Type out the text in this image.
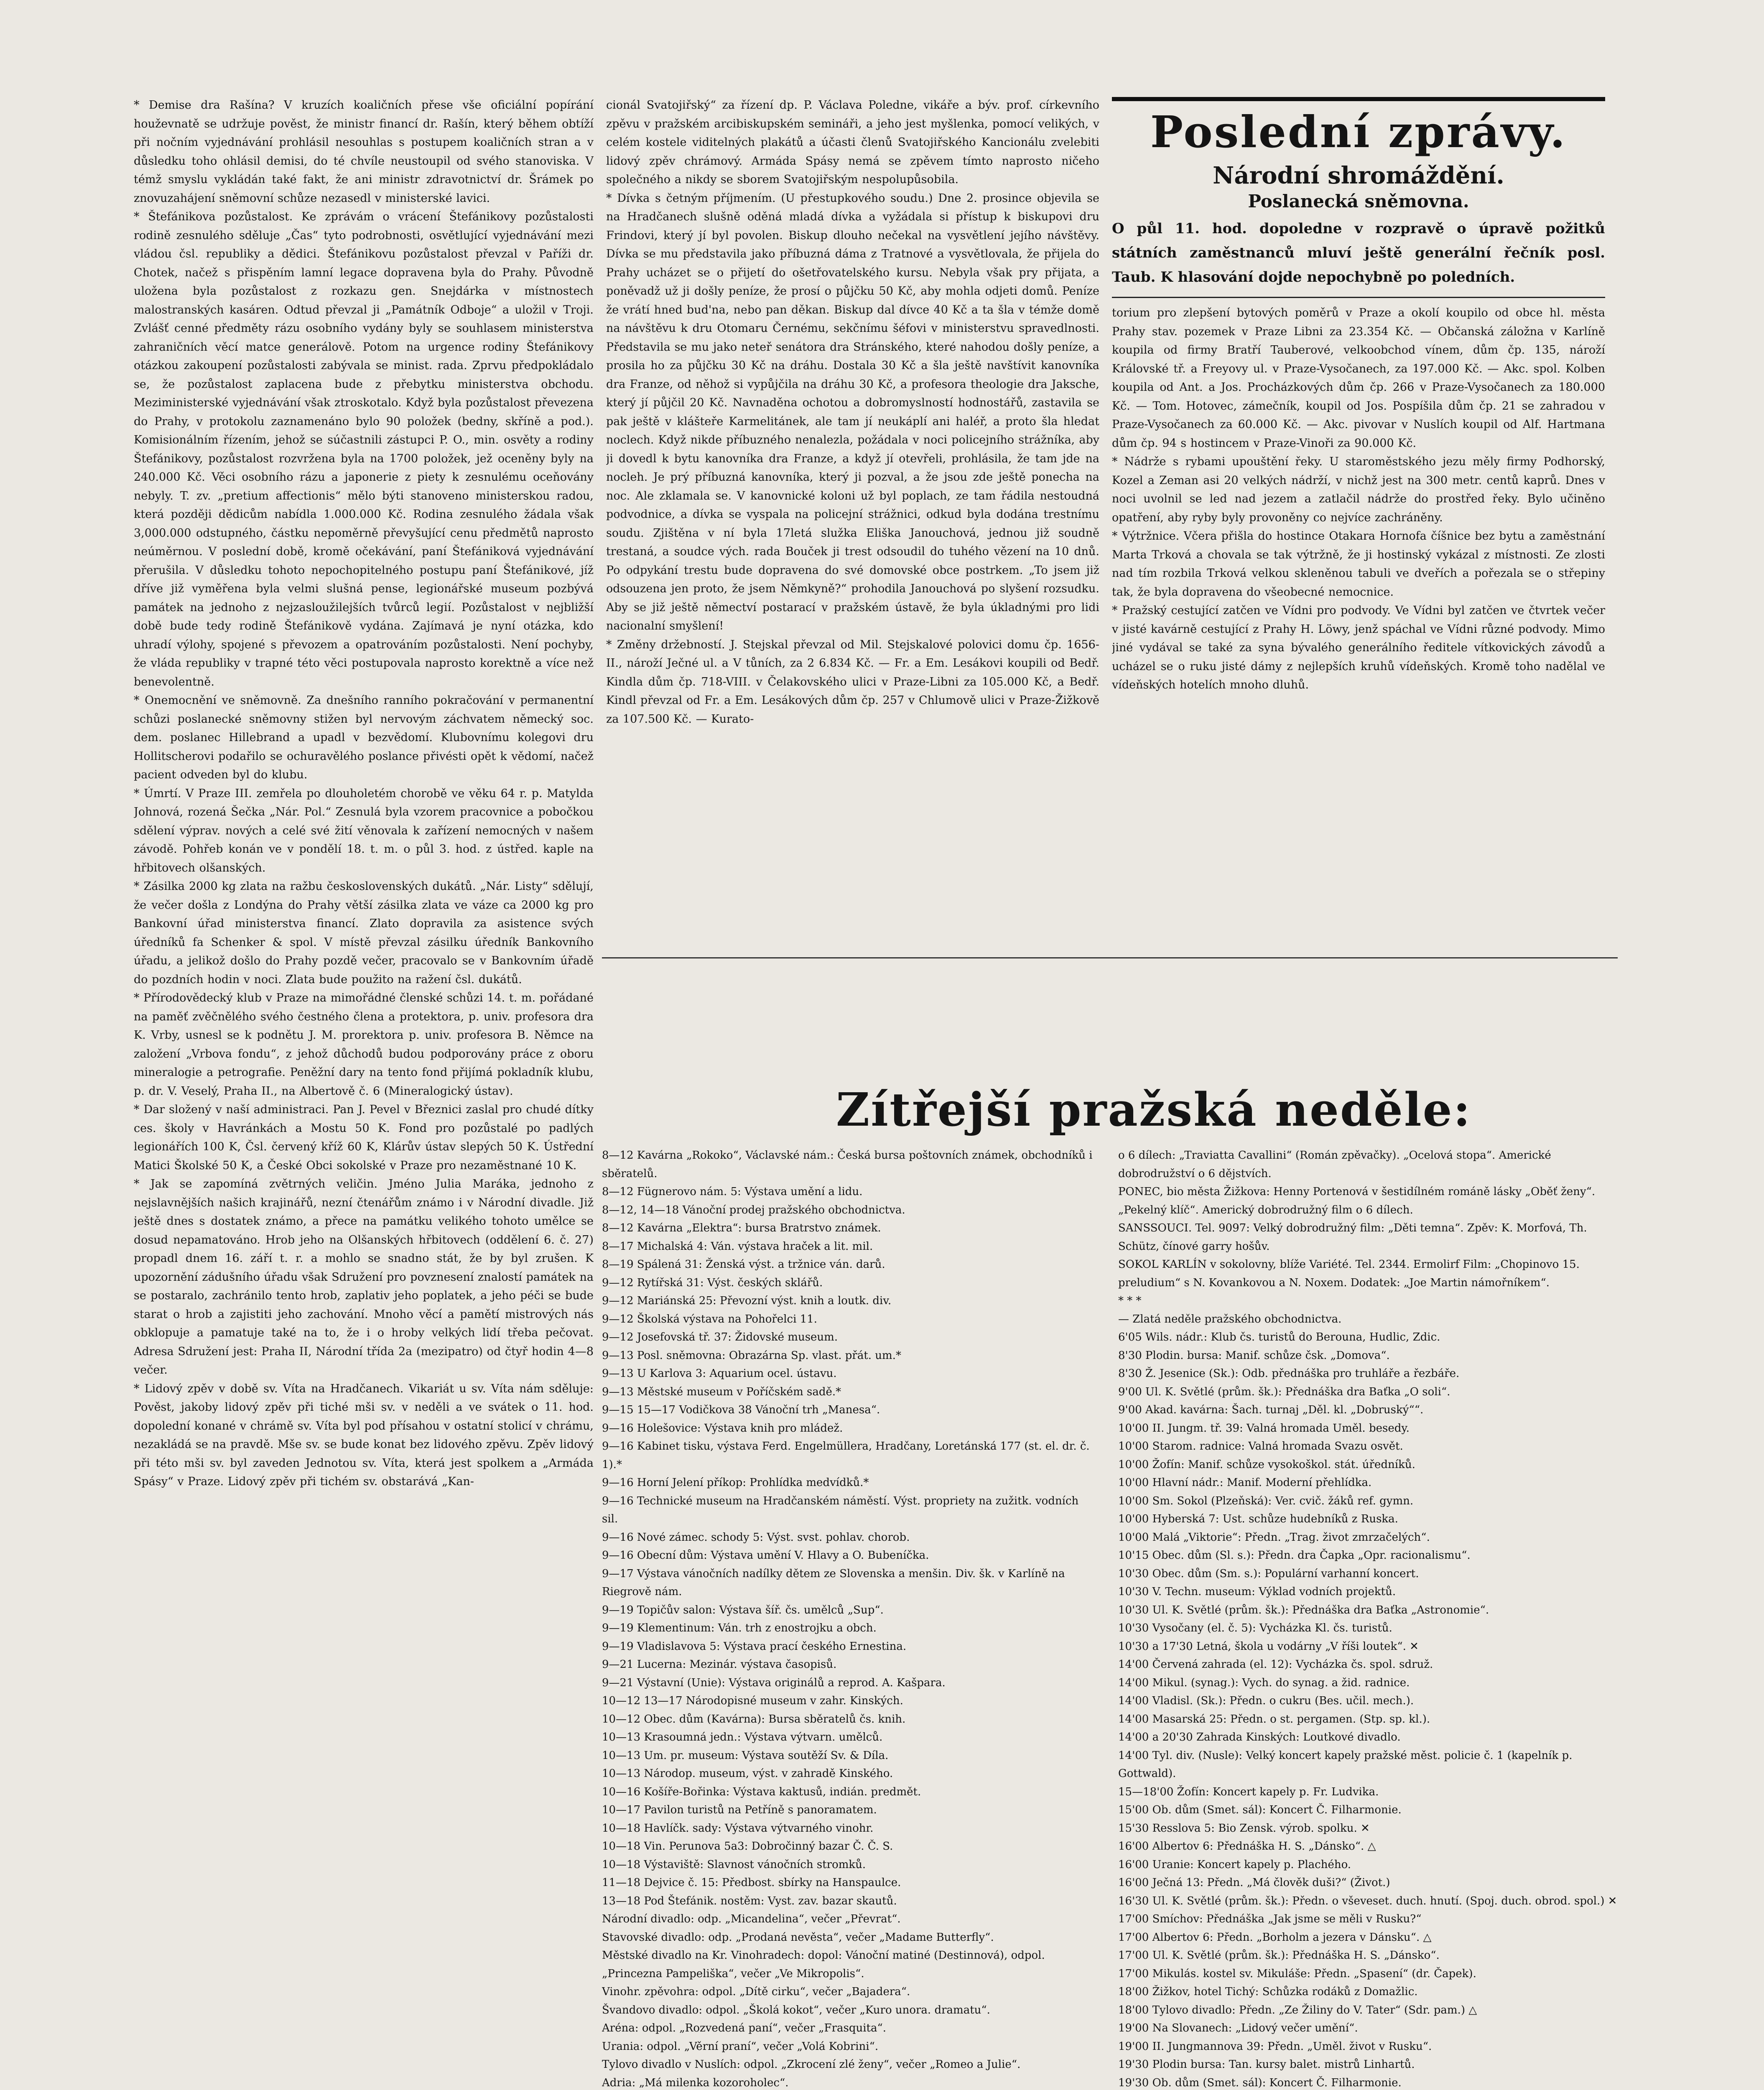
* Demise dra Rašína? V kruzích koaličních přese vše oficiální popírání houževnatě se udržuje pověst, že ministr financí dr. Rašín, který během obtíží při nočním vyjednávání prohlásil nesouhlas s postupem koaličních stran a v důsledku toho ohlásil demisi, do té chvíle neustoupil od svého stanoviska. V témž smyslu vykládán také fakt, že ani ministr zdravotnictví dr. Šrámek po znovuzahájení sněmovní schůze nezasedl v ministerské lavici.

* Štefánikova pozůstalost. Ke zprávám o vrácení Štefánikovy pozůstalosti rodině zesnulého sděluje „Čas“ tyto podrobnosti, osvětlující vyjednávání mezi vládou čsl. republiky a dědici. Štefánikovu pozůstalost převzal v Paříži dr. Chotek, načež s přispěním lamní legace dopravena byla do Prahy. Původně uložena byla pozůstalost z rozkazu gen. Snejdárka v místnostech malostranských kasáren. Odtud převzal ji „Památník Odboje“ a uložil v Troji. Zvlášť cenné předměty rázu osobního vydány byly se souhlasem ministerstva zahraničních věcí matce generálově. Potom na urgence rodiny Štefánikovy otázkou zakoupení pozůstalosti zabývala se minist. rada. Zprvu předpokládalo se, že pozůstalost zaplacena bude z přebytku ministerstva obchodu. Meziministerské vyjednávání však ztroskotalo. Když byla pozůstalost převezena do Prahy, v protokolu zaznamenáno bylo 90 položek (bedny, skříně a pod.). Komisionálním řízením, jehož se súčastnili zástupci P. O., min. osvěty a rodiny Štefánikovy, pozůstalost rozvržena byla na 1700 položek, jež oceněny byly na 240.000 Kč. Věci osobního rázu a japonerie z piety k zesnulému oceňovány nebyly. T. zv. „pretium affectionis“ mělo býti stanoveno ministerskou radou, která později dědicům nabídla 1.000.000 Kč. Rodina zesnulého žádala však 3,000.000 odstupného, částku nepoměrně převyšující cenu předmětů naprosto neúměrnou. V poslední době, kromě očekávání, paní Štefániková vyjednávání přerušila. V důsledku tohoto nepochopitelného postupu paní Štefánikové, jíž dříve již vyměřena byla velmi slušná pense, legionářské museum pozbývá památek na jednoho z nejzasloužilejších tvůrců legií. Pozůstalost v nejbližší době bude tedy rodině Štefánikově vydána. Zajímavá je nyní otázka, kdo uhradí výlohy, spojené s převozem a opatrováním pozůstalosti. Není pochyby, že vláda republiky v trapné této věci postupovala naprosto korektně a více než benevolentně.

* Onemocnění ve sněmovně. Za dnešního ranního pokračování v permanentní schůzi poslanecké sněmovny stižen byl nervovým záchvatem německý soc. dem. poslanec Hillebrand a upadl v bezvědomí. Klubovnímu kolegovi dru Hollitscherovi podařilo se ochuravělého poslance přivésti opět k vědomí, načež pacient odveden byl do klubu.

* Úmrtí. V Praze III. zemřela po dlouholetém chorobě ve věku 64 r. p. Matylda Johnová, rozená Šečka „Nár. Pol.“ Zesnulá byla vzorem pracovnice a pobočkou sdělení výprav. nových a celé své žití věnovala k zařízení nemocných v našem závodě. Pohřeb konán ve v pondělí 18. t. m. o půl 3. hod. z ústřed. kaple na hřbitovech olšanských.

* Zásilka 2000 kg zlata na ražbu československých dukátů. „Nár. Listy“ sdělují, že večer došla z Londýna do Prahy větší zásilka zlata ve váze ca 2000 kg pro Bankovní úřad ministerstva financí. Zlato dopravila za asistence svých úředníků fa Schenker & spol. V místě převzal zásilku úředník Bankovního úřadu, a jelikož došlo do Prahy pozdě večer, pracovalo se v Bankovním úřadě do pozdních hodin v noci. Zlata bude použito na ražení čsl. dukátů.

* Přírodovědecký klub v Praze na mimořádné členské schůzi 14. t. m. pořádané na paměť zvěčnělého svého čestného člena a protektora, p. univ. profesora dra K. Vrby, usnesl se k podnětu J. M. prorektora p. univ. profesora B. Němce na založení „Vrbova fondu“, z jehož důchodů budou podporovány práce z oboru mineralogie a petrografie. Peněžní dary na tento fond přijímá pokladník klubu, p. dr. V. Veselý, Praha II., na Albertově č. 6 (Mineralogický ústav).

* Dar složený v naší administraci. Pan J. Pevel v Březnici zaslal pro chudé dítky ces. školy v Havránkách a Mostu 50 K. Fond pro pozůstalé po padlých legionářích 100 K, Čsl. červený kříž 60 K, Klárův ústav slepých 50 K. Ústřední Matici Školské 50 K, a České Obci sokolské v Praze pro nezaměstnané 10 K.

* Jak se zapomíná zvětrných veličin. Jméno Julia Marákа, jednoho z nejslavnějších našich krajinářů, nezní čtenářům známo i v Národní divadle. Již ještě dnes s dostatek známo, a přece na památku velikého tohoto umělce se dosud nepamatováno. Hrob jeho na Olšanských hřbitovech (oddělení 6. č. 27) propadl dnem 16. září t. r. a mohlo se snadno stát, že by byl zrušen. K upozornění zádušního úřadu však Sdružení pro povznesení znalostí památek na se postaralo, zachránilo tento hrob, zaplativ jeho poplatek, a jeho péči se bude starat o hrob a zajistiti jeho zachování. Mnoho věcí a pamětí mistrových nás obklopuje a pamatuje také na to, že i o hroby velkých lidí třeba pečovat. Adresa Sdružení jest: Praha II, Národní třída 2a (mezipatro) od čtyř hodin 4—8 večer.

* Lidový zpěv v době sv. Víta na Hradčanech. Vikariát u sv. Víta nám sděluje: Pověst, jakoby lidový zpěv při tiché mši sv. v neděli a ve svátek o 11. hod. dopolední konané v chrámě sv. Víta byl pod přísahou v ostatní stolicí v chrámu, nezakládá se na pravdě. Mše sv. se bude konat bez lidového zpěvu. Zpěv lidový při této mši sv. byl zaveden Jednotou sv. Víta, která jest spolkem a „Armáda Spásy“ v Praze. Lidový zpěv při tichém sv. obstarává „Kan-

cionál Svatojiřský“ za řízení dp. P. Václava Poledne, vikáře a býv. prof. církevního zpěvu v pražském arcibiskupském semináři, a jeho jest myšlenka, pomocí velikých, v celém kostele viditelných plakátů a účasti členů Svatojiřského Kancionálu zvelebiti lidový zpěv chrámový. Armáda Spásy nemá se zpěvem tímto naprosto ničeho společného a nikdy se sborem Svatojiřským nespolupůsobila.

* Dívka s četným příjmením. (U přestupkového soudu.) Dne 2. prosince objevila se na Hradčanech slušně oděná mladá dívka a vyžádala si přístup k biskupovi dru Frindovi, který jí byl povolen. Biskup dlouho nečekal na vysvětlení jejího návštěvy. Dívka se mu představila jako příbuzná dáma z Tratnové a vysvětlovala, že přijela do Prahy ucházet se o přijetí do ošetřovatelského kursu. Nebyla však pry přijata, a poněvadž už ji došly peníze, že prosí o půjčku 50 Kč, aby mohla odjeti domů. Peníze že vrátí hned bud'na, nebo pan děkan. Biskup dal dívce 40 Kč a ta šla v témže domě na návštěvu k dru Otomaru Černému, sekčnímu šéfovi v ministerstvu spravedlnosti. Představila se mu jako neteř senátora dra Stránského, které nahodou došly peníze, a prosila ho za půjčku 30 Kč na dráhu. Dostala 30 Kč a šla ještě navštívit kanovníka dra Franze, od něhož si vypůjčila na dráhu 30 Kč, a profesora theologie dra Jaksche, který jí půjčil 20 Kč. Navnaděna ochotou a dobromyslností hodnostářů, zastavila se pak ještě v klášteře Karmelitánek, ale tam jí neukáplí ani haléř, a proto šla hledat noclech. Když nikde příbuzného nenalezla, požádala v noci policejního strážníka, aby ji dovedl k bytu kanovníka dra Franze, a když jí otevřeli, prohlásila, že tam jde na nocleh. Je prý příbuzná kanovníka, který ji pozval, a že jsou zde ještě ponecha na noc. Ale zklamala se. V kanovnické koloni už byl poplach, ze tam řádila nestoudná podvodnice, a dívka se vyspala na policejní strážnici, odkud byla dodána trestnímu soudu. Zjištěna v ní byla 17letá služka Eliška Janouchová, jednou již soudně trestaná, a soudce vých. rada Bouček ji trest odsoudil do tuhého vězení na 10 dnů. Po odpykání trestu bude dopravena do své domovské obce postrkem. „To jsem již odsouzena jen proto, že jsem Němkyně?“ prohodila Janouchová po slyšení rozsudku. Aby se již ještě němectví postarací v pražském ústavě, že byla úkladnými pro lidi nacionalní smyšlení!

* Změny držebností. J. Stejskal převzal od Mil. Stejskalové polovici domu čp. 1656-II., nároží Ječné ul. a V tůních, za 2 6.834 Kč. — Fr. a Em. Lesákovi koupili od Bedř. Kindla dům čp. 718-VIII. v Čelakovského ulici v Praze-Libni za 105.000 Kč, a Bedř. Kindl převzal od Fr. a Em. Lesákových dům čp. 257 v Chlumově ulici v Praze-Žižkově za 107.500 Kč. — Kurato-

Poslední zprávy.
Národní shromáždění.
Poslanecká sněmovna.

O půl 11. hod. dopoledne v rozpravě o úpravě požitků státních zaměstnanců mluví ještě generální řečník posl. Taub. K hlasování dojde nepochybně po poledních.

torium pro zlepšení bytových poměrů v Praze a okolí koupilo od obce hl. města Prahy stav. pozemek v Praze Libni za 23.354 Kč. — Občanská záložna v Karlíně koupila od firmy Bratří Tauberové, velkoobchod vínem, dům čp. 135, nároží Královské tř. a Freyovy ul. v Praze-Vysočanech, za 197.000 Kč. — Akc. spol. Kolben koupila od Ant. a Jos. Procházkových dům čp. 266 v Praze-Vysočanech za 180.000 Kč. — Tom. Hotovec, zámečník, koupil od Jos. Pospíšila dům čp. 21 se zahradou v Praze-Vysočanech za 60.000 Kč. — Akc. pivovar v Nuslích koupil od Alf. Hartmana dům čp. 94 s hostincem v Praze-Vinoři za 90.000 Kč.

* Nádrže s rybami upouštění řeky. U staroměstského jezu měly firmy Podhorský, Kozel a Zeman asi 20 velkých nádrží, v nichž jest na 300 metr. centů kaprů. Dnes v noci uvolnil se led nad jezem a zatlačil nádrže do prostřed řeky. Bylo učiněno opatření, aby ryby byly provoněny co nejvíce zachráněny.

* Výtržnice. Včera přišla do hostince Otakara Hornofa číšnice bez bytu a zaměstnání Marta Trková a chovala se tak výtržně, že ji hostinský vykázal z místnosti. Ze zlosti nad tím rozbila Trková velkou skleněnou tabuli ve dveřích a pořezala se o střepiny tak, že byla dopravena do všeobecné nemocnice.

* Pražský cestující zatčen ve Vídni pro podvody. Ve Vídni byl zatčen ve čtvrtek večer v jisté kavárně cestující z Prahy H. Löwy, jenž spáchal ve Vídni různé podvody. Mimo jiné vydával se také za syna bývalého generálního ředitele vítkovických závodů a ucházel se o ruku jisté dámy z nejlepších kruhů vídeňských. Kromě toho nadělal ve vídeňských hotelích mnoho dluhů.

Zítřejší pražská neděle:

8—12 Kavárna „Rokoko“, Václavské nám.: Česká bursa poštovních známek, obchodníků i sběratelů.

8—12 Fügnerovo nám. 5: Výstava umění a lidu.

8—12, 14—18 Vánoční prodej pražského obchodnictva.

8—12 Kavárna „Elektra“: bursa Bratrstvo známek.

8—17 Michalská 4: Ván. výstava hraček a lit. mil.

8—19 Spálená 31: Ženská výst. a tržnice ván. darů.

9—12 Rytířská 31: Výst. českých sklářů.

9—12 Mariánská 25: Převozní výst. knih a loutk. div.

9—12 Školská výstava na Pohořelci 11.

9—12 Josefovská tř. 37: Židovské museum.

9—13 Posl. sněmovna: Obrazárna Sp. vlast. přát. um.*

9—13 U Karlova 3: Aquarium ocel. ústavu.

9—13 Městské museum v Poříčském sadě.*

9—15 15—17 Vodičkova 38 Vánoční trh „Manesa“.

9—16 Holešovice: Výstava knih pro mládež.

9—16 Kabinet tisku, výstava Ferd. Engelmüllera, Hradčany, Loretánská 177 (st. el. dr. č. 1).*

9—16 Horní Jelení příkop: Prohlídka medvídků.*

9—16 Technické museum na Hradčanském náměstí. Výst. propriety na zužitk. vodních sil.

9—16 Nové zámec. schody 5: Výst. svst. pohlav. chorob.

9—16 Obecní dům: Výstava umění V. Hlavy a O. Bubeníčka.

9—17 Výstava vánočních nadílky dětem ze Slovenska a menšin. Div. šk. v Karlíně na Riegrově nám.

9—19 Topičův salon: Výstava šíř. čs. umělců „Sup“.

9—19 Klementinum: Ván. trh z enostrojku a obch.

9—19 Vladislavova 5: Výstava prací českého Ernestina.

9—21 Lucerna: Mezinár. výstava časopisů.

9—21 Výstavní (Unie): Výstava originálů a reprod. A. Kašpara.

10—12 13—17 Národopisné museum v zahr. Kinských.

10—12 Obec. dům (Kavárna): Bursa sběratelů čs. knih.

10—13 Krasoumná jedn.: Výstava výtvarn. umělců.

10—13 Um. pr. museum: Výstava soutěží Sv. & Díla.

10—13 Národop. museum, výst. v zahradě Kinského.

10—16 Košíře-Bořinka: Výstava kaktusů, indián. predmět.

10—17 Pavilon turistů na Petříně s panoramatem.

10—18 Havlíčk. sady: Výstava výtvarného vinohr.

10—18 Vin. Perunova 5a3: Dobročinný bazar Č. Č. S.

10—18 Výstaviště: Slavnost vánočních stromků.

11—18 Dejvice č. 15: Předbost. sbírky na Hanspaulce.

13—18 Pod Štefánik. nostěm: Vyst. zav. bazar skautů.

Národní divadlo: odp. „Micandelina“, večer „Převrat“.

Stavovské divadlo: odp. „Prodaná nevěsta“, večer „Madame Butterfly“.

Městské divadlo na Kr. Vinohradech: dopol: Vánoční matiné (Destinnová), odpol. „Princezna Pampeliška“, večer „Ve Mikropolis“.

Vinohr. zpěvohra: odpol. „Dítě cirku“, večer „Bajadera“.

Švandovo divadlo: odpol. „Školá kokot“, večer „Kuro unora. dramatu“.

Aréna: odpol. „Rozvedená paní“, večer „Frasquita“.

Urania: odpol. „Věrní praní“, večer „Volá Kobrini“.

Tylovo divadlo v Nuslích: odpol. „Zkrocení zlé ženy“, večer „Romeo a Julie“.

Adria: „Má milenka kozoroholec“.

o 6 dílech: „Traviatta Cavallini“ (Román zpěvačky). „Ocelová stopa“. Americké dobrodružství o 6 dějstvích.

PONEC, bio města Žižkova: Henny Portenová v šestidílném románě lásky „Oběť ženy“. „Pekelný klíč“. Americký dobrodružný film o 6 dílech.

SANSSOUCI. Tel. 9097: Velký dobrodružný film: „Děti temna“. Zpěv: K. Morfová, Th. Schütz, čínové garry hošův.

SOKOL KARLÍN v sokolovny, blíže Variété. Tel. 2344. Ermolirf Film: „Chopinovo 15. preludium“ s N. Kovankovou a N. Noxem. Dodatek: „Joe Martin námořníkem“.

* * *

— Zlatá neděle pražského obchodnictva.

6'05 Wils. nádr.: Klub čs. turistů do Berouna, Hudlic, Zdic.

8'30 Plodin. bursa: Manif. schůze čsk. „Domova“.

8'30 Ž. Jesenice (Sk.): Odb. přednáška pro truhláře a řezbáře.

9'00 Ul. K. Světlé (prům. šk.): Přednáška dra Baťka „O soli“.

9'00 Akad. kavárna: Šach. turnaj „Děl. kl. „Dobruský““.

10'00 II. Jungm. tř. 39: Valná hromada Uměl. besedy.

10'00 Starom. radnice: Valná hromada Svazu osvět.

10'00 Žofín: Manif. schůze vysokoškol. stát. úředníků.

10'00 Hlavní nádr.: Manif. Moderní přehlídka.

10'00 Sm. Sokol (Plzeňská): Ver. cvič. žáků ref. gymn.

10'00 Hyberská 7: Ust. schůze hudebníků z Ruska.

10'00 Malá „Viktorie“: Předn. „Trag. život zmrzačelých“.

10'15 Obec. dům (Sl. s.): Předn. dra Čapka „Opr. racionalismu“.

10'30 Obec. dům (Sm. s.): Populární varhanní koncert.

10'30 V. Techn. museum: Výklad vodních projektů.

10'30 Ul. K. Světlé (prům. šk.): Přednáška dra Baťka „Astronomie“.

10'30 Vysočany (el. č. 5): Vycházka Kl. čs. turistů.

10'30 a 17'30 Letná, škola u vodárny „V říši loutek“. ✕

14'00 Červená zahrada (el. 12): Vycházka čs. spol. sdruž.

14'00 Mikul. (synag.): Vych. do synag. a žid. radnice.

14'00 Vladisl. (Sk.): Předn. o cukru (Bes. učil. mech.).

14'00 Masarská 25: Předn. o st. pergamen. (Stp. sp. kl.).

14'00 a 20'30 Zahrada Kinských: Loutkové divadlo.

14'00 Tyl. div. (Nusle): Velký koncert kapely pražské měst. policie č. 1 (kapelník p. Gottwald).

15—18'00 Žofín: Koncert kapely p. Fr. Ludvika.

15'00 Ob. dům (Smet. sál): Koncert Č. Filharmonie.

15'30 Resslova 5: Bio Zensk. výrob. spolku. ✕

16'00 Albertov 6: Přednáška H. S. „Dánsko“. △

16'00 Uranie: Koncert kapely p. Plachého.

16'00 Ječná 13: Předn. „Má člověk duši?“ (Život.)

16'30 Ul. K. Světlé (prům. šk.): Předn. o vševeset. duch. hnutí. (Spoj. duch. obrod. spol.) ✕

17'00 Smíchov: Přednáška „Jak jsme se měli v Rusku?“

17'00 Albertov 6: Předn. „Borholm a jezera v Dánsku“. △

17'00 Ul. K. Světlé (prům. šk.): Přednáška H. S. „Dánsko“.

17'00 Mikulás. kostel sv. Mikuláše: Předn. „Spasení“ (dr. Čapek).

18'00 Žižkov, hotel Tichý: Schůzka rodáků z Domažlic.

18'00 Tylovo divadlo: Předn. „Ze Žiliny do V. Tater“ (Sdr. pam.) △

19'00 Na Slovanech: „Lidový večer umění“.

19'00 II. Jungmannova 39: Předn. „Uměl. život v Rusku“.

19'30 Plodin bursa: Tan. kursy balet. mistrů Linhartů.

19'30 Ob. dům (Smet. sál): Koncert Č. Filharmonie.
